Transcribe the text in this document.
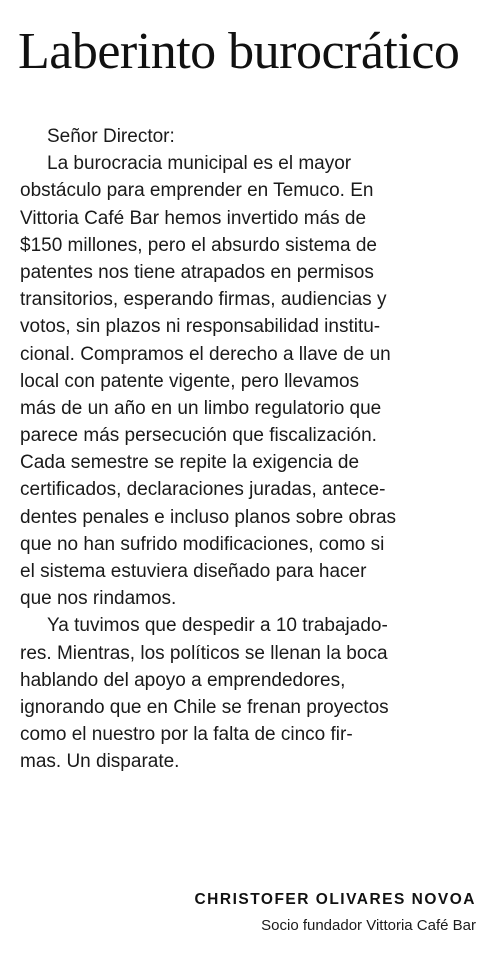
Laberinto burocrático
Señor Director:
La burocracia municipal es el mayor
obstáculo para emprender en Temuco. En
Vittoria Café Bar hemos invertido más de
$150 millones, pero el absurdo sistema de
patentes nos tiene atrapados en permisos
transitorios, esperando firmas, audiencias y
votos, sin plazos ni responsabilidad institu-
cional. Compramos el derecho a llave de un
local con patente vigente, pero llevamos
más de un año en un limbo regulatorio que
parece más persecución que fiscalización.
Cada semestre se repite la exigencia de
certificados, declaraciones juradas, antece-
dentes penales e incluso planos sobre obras
que no han sufrido modificaciones, como si
el sistema estuviera diseñado para hacer
que nos rindamos.
Ya tuvimos que despedir a 10 trabajado-
res. Mientras, los políticos se llenan la boca
hablando del apoyo a emprendedores,
ignorando que en Chile se frenan proyectos
como el nuestro por la falta de cinco fir-
mas. Un disparate.
CHRISTOFER OLIVARES NOVOA
Socio fundador Vittoria Café Bar
